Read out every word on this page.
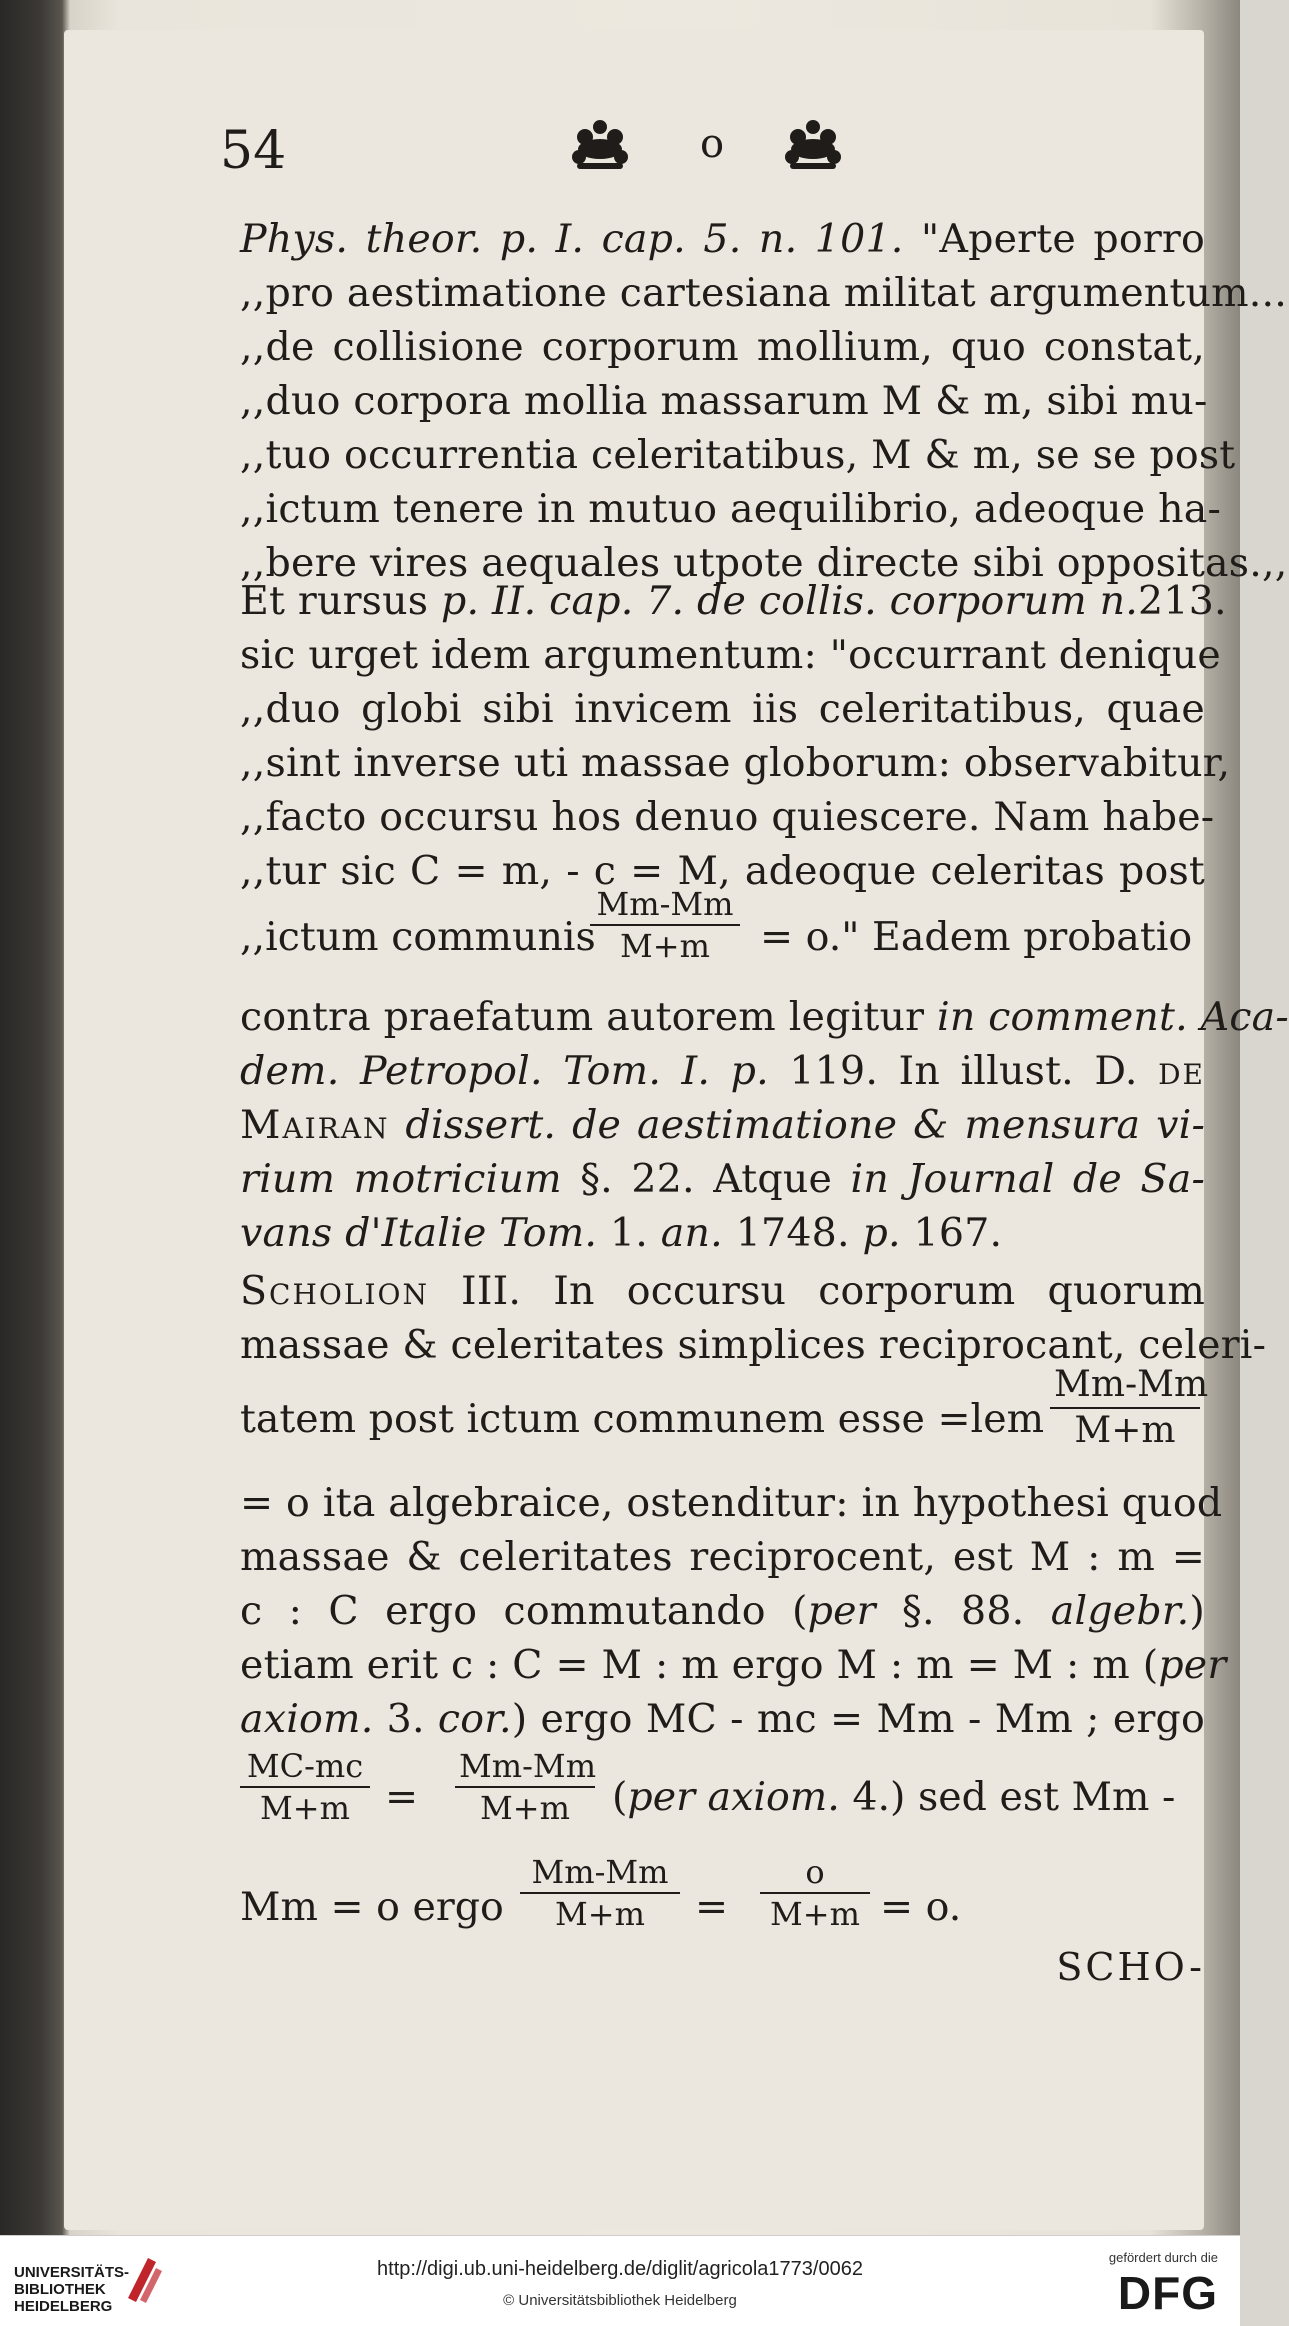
54	o
Phys. theor. p. I. cap. 5. n. 101. "Aperte porro
,,pro aestimatione cartesiana militat argumentum...
,,de collisione corporum mollium, quo constat,
,,duo corpora mollia massarum M & m, sibi mu-
,,tuo occurrentia celeritatibus, M & m, se se post
,,ictum tenere in mutuo aequilibrio, adeoque ha-
,,bere vires aequales utpote directe sibi oppositas.,,
Et rursus p. II. cap. 7. de collis. corporum n.213.
sic urget idem argumentum: "occurrant denique
,,duo globi sibi invicem iis celeritatibus, quae
,,sint inverse uti massae globorum: observabitur,
,,facto occursu hos denuo quiescere. Nam habe-
,,tur sic C = m, - c = M, adeoque celeritas post
,,ictum communis
$\frac{Mm-Mm}{M+m} = o$." Eadem probatio
contra praefatum autorem legitur in comment. Aca-
dem. Petropol. Tom. I. p. 119. In illust. D. de
Mairan dissert. de aestimatione & mensura vi-
rium motricium §. 22. Atque in Journal de Sa-
vans d'Italie Tom. 1. an. 1748. p. 167.
Scholion III. In occursu corporum quorum
massae & celeritates simplices reciprocant, celeri-
tatem post ictum communem esse $=lem \frac{Mm-Mm}{M+m}$
= o ita algebraice, ostenditur: in hypothesi quod
massae & celeritates reciprocent, est M : m =
c : C ergo commutando (per §. 88. algebr.)
etiam erit c : C = M : m ergo M : m = M : m (per
axiom. 3. cor.) ergo MC - mc = Mm - Mm ; ergo
$\frac{MC-mc}{M+m} = \frac{Mm-Mm}{M+m} (per$ axiom. 4.) sed est Mm -
Mm = o ergo $\frac{Mm-Mm}{M+m} = \frac{o}{M+m} = o$.
SCHO-
UNIVERSITÄTS-
BIBLIOTHEK
HEIDELBERG
http://digi.ub.uni-heidelberg.de/diglit/agricola1773/0062
© Universitätsbibliothek Heidelberg
gefördert durch die
DFG
